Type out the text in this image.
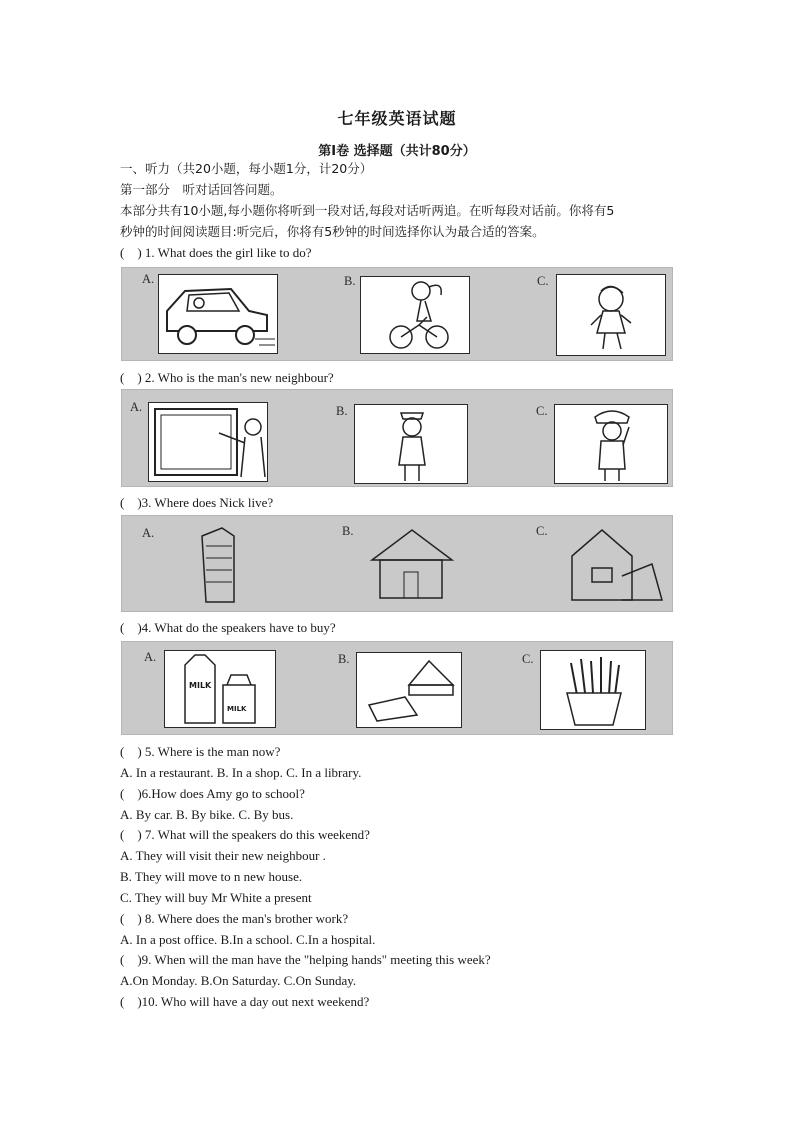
七年级英语试题
第Ⅰ卷 选择题（共计80分）
一、听力（共20小题，每小题1分，计20分）
第一部分　听对话回答问题。
本部分共有10小题,每小题你将听到一段对话,每段对话听两追。在听每段对话前。你将有5
秒钟的时间阅读题目:听完后，你将有5秒钟的时间选择你认为最合适的答案。
(　) 1. What does the girl like to do?
A.	B.	C.
(　) 2. Who is the man's new neighbour?
A.	B.	C.
(　)3. Where does Nick live?
A.	B.	C.
(　)4. What do the speakers have to buy?
A.	B.	C.
MILK
MILK
(　) 5. Where is the man now?
A. In a restaurant. B. In a shop. C. In a library.
(　)6.How does Amy go to school?
A. By car. B. By bike. C. By bus.
(　) 7. What will the speakers do this weekend?
A. They will visit their new neighbour .
B. They will move to n new house.
C. They will buy Mr White a present
(　) 8. Where does the man's brother work?
A. In a post office. B.In a school. C.In a hospital.
(　)9. When will the man have the "helping hands" meeting this week?
A.On Monday. B.On Saturday. C.On Sunday.
(　)10. Who will have a day out next weekend?
